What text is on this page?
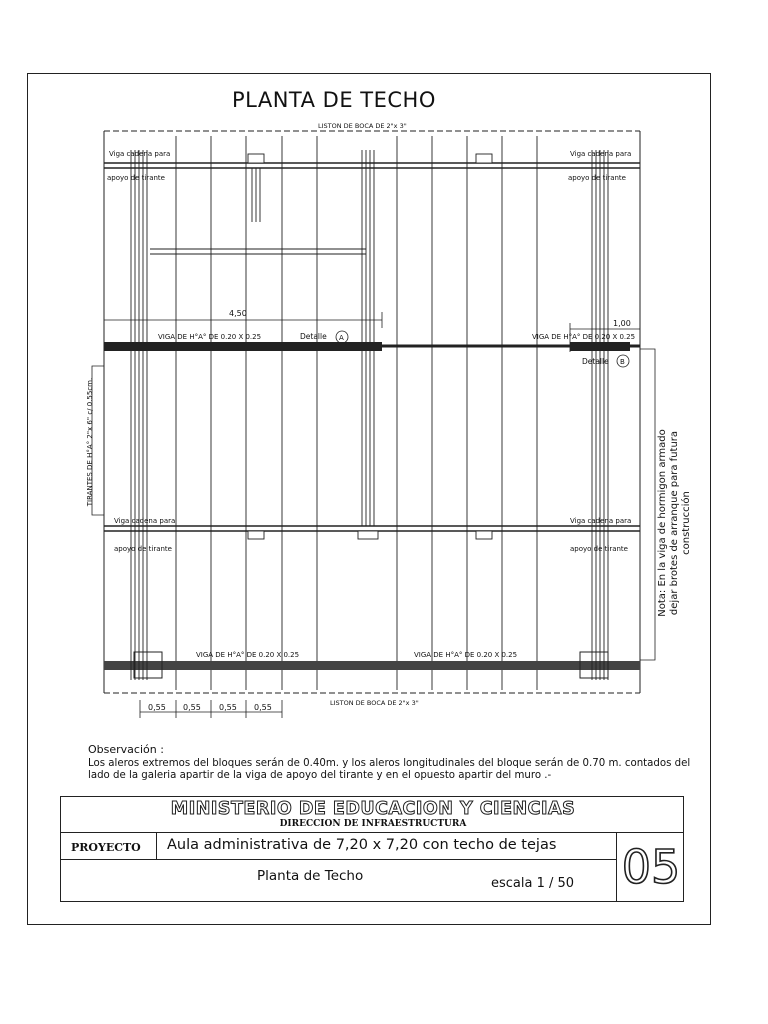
PLANTA DE TECHO
LISTON DE BOCA DE 2"x 3"
LISTON DE BOCA DE 2"x 3"
Viga cadena para
apoyo de tirante
Viga cadena para
apoyo de tirante
Viga cadena para
apoyo de tirante
Viga cadena para
apoyo de tirante
4,50
1,00
VIGA DE H°A° DE 0.20 X 0.25	Detalle A	VIGA DE H°A° DE 0.20 X 0.25
Detalle B
VIGA DE H°A° DE 0.20 X 0.25	VIGA DE H°A° DE 0.20 X 0.25
0,55 0,55 0,55 0,55
TIRANTES DE H°A° 2"x 6" c/ 0.55cm.	Nota: En la viga de hormigon armado dejar brotes de arranque para futura construcción
Observación :
Los aleros extremos del bloques serán de 0.40m. y los aleros longitudinales del bloque serán de 0.70 m. contados del lado de la galeria apartir de la viga de apoyo del tirante y en el opuesto apartir del muro .-
MINISTERIO DE EDUCACION Y CIENCIAS
DIRECCION DE INFRAESTRUCTURA
PROYECTO Aula administrativa de 7,20 x 7,20 con techo de tejas
Planta de Techo	escala 1 / 50 05
